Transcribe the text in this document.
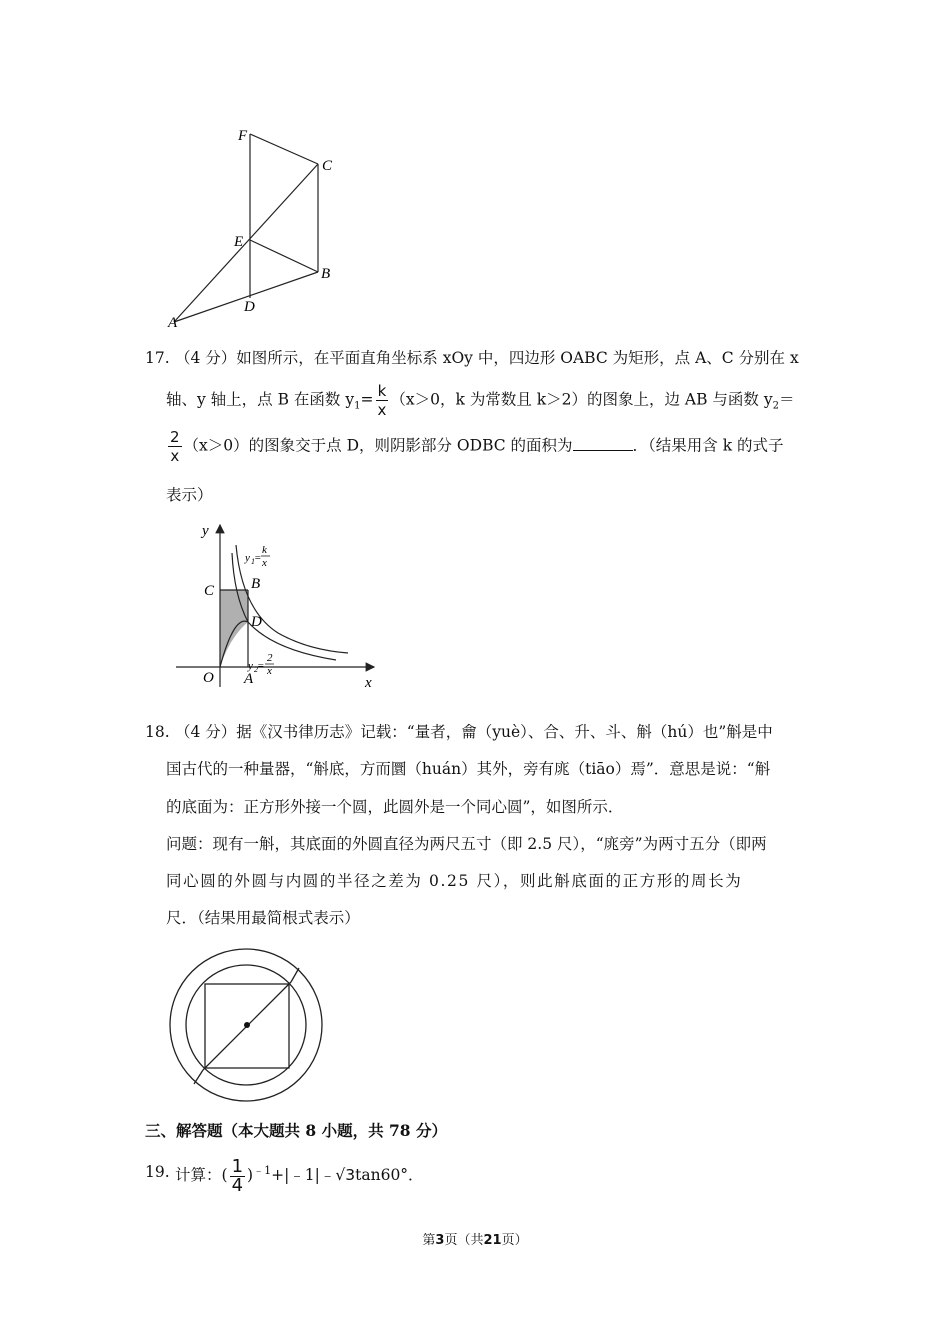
F
C
E
B
D
A
17. （4 分）如图所示，在平面直角坐标系 xOy 中，四边形 OABC 为矩形，点 A、C 分别在 x
轴、y 轴上，点 B 在函数 $y_1= \frac{k}{x} (x>0$，k 为常数且 k＞2）的图象上，边 AB 与函数 $y_2=$
$\frac{2}{x} (x>0)$的图象交于点 D，则阴影部分 ODBC 的面积为	．（结果用含 k 的式子
表示）
y
x
O A
C B
D
y 1 =
k
x
y 2 =
2
x
18. （4 分）据《汉书律历志》记载：“量者，龠（yuè）、合、升、斗、斛（hú）也”斛是中
国古代的一种量器，“斛底，方而圜（huán）其外，旁有庣（tiāo）焉”．意思是说：“斛
的底面为：正方形外接一个圆，此圆外是一个同心圆”，如图所示．
问题：现有一斛，其底面的外圆直径为两尺五寸（即 2.5 尺），“庣旁”为两寸五分（即两
同心圆的外圆与内圆的半径之差为 0.25 尺），则此斛底面的正方形的周长为
尺．（结果用最简根式表示）
三、解答题（本大题共 8 小题，共 78 分）
19. 计算：( $\frac{1}{4}$ )$^{﹣1}$+|﹣1|﹣√3tan60°．
第3页（共21页）
